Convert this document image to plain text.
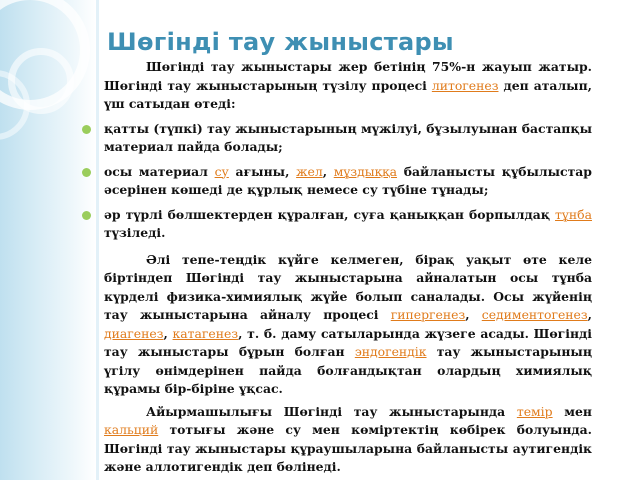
Шөгінді тау жыныстары

Шөгінді тау жыныстары жер бетінің 75%-н жауып жатыр. Шөгінді тау жыныстарының түзілу процесі литогенез деп аталып, үш сатыдан өтеді:

қатты (түпкі) тау жыныстарының мүжілуі, бұзылуынан бастапқы материал пайда болады;
осы материал су ағыны, жел, мұздыққа байланысты құбылыстар әсерінен көшеді де құрлық немесе су түбіне тұнады;
әр түрлі бөлшектерден құралған, суға қаныққан борпылдақ тұнба түзіледі.

Әлі тепе-теңдік күйге келмеген, бірақ уақыт өте келе біртіндеп Шөгінді тау жыныстарына айналатын осы тұнба күрделі физика-химиялық жүйе болып саналады. Осы жүйенің тау жыныстарына айналу процесі гипергенез, седиментогенез, диагенез, катагенез, т. б. даму сатыларында жүзеге асады. Шөгінді тау жыныстары бұрын болған эндогендік тау жыныстарының үгілу өнімдерінен пайда болғандықтан олардың химиялық құрамы бір-біріне ұқсас.

Айырмашылығы Шөгінді тау жыныстарында темір мен кальций тотығы және су мен көміртектің көбірек болуында. Шөгінді тау жыныстары құраушыларына байланысты аутигендік және аллотигендік деп бөлінеді.
